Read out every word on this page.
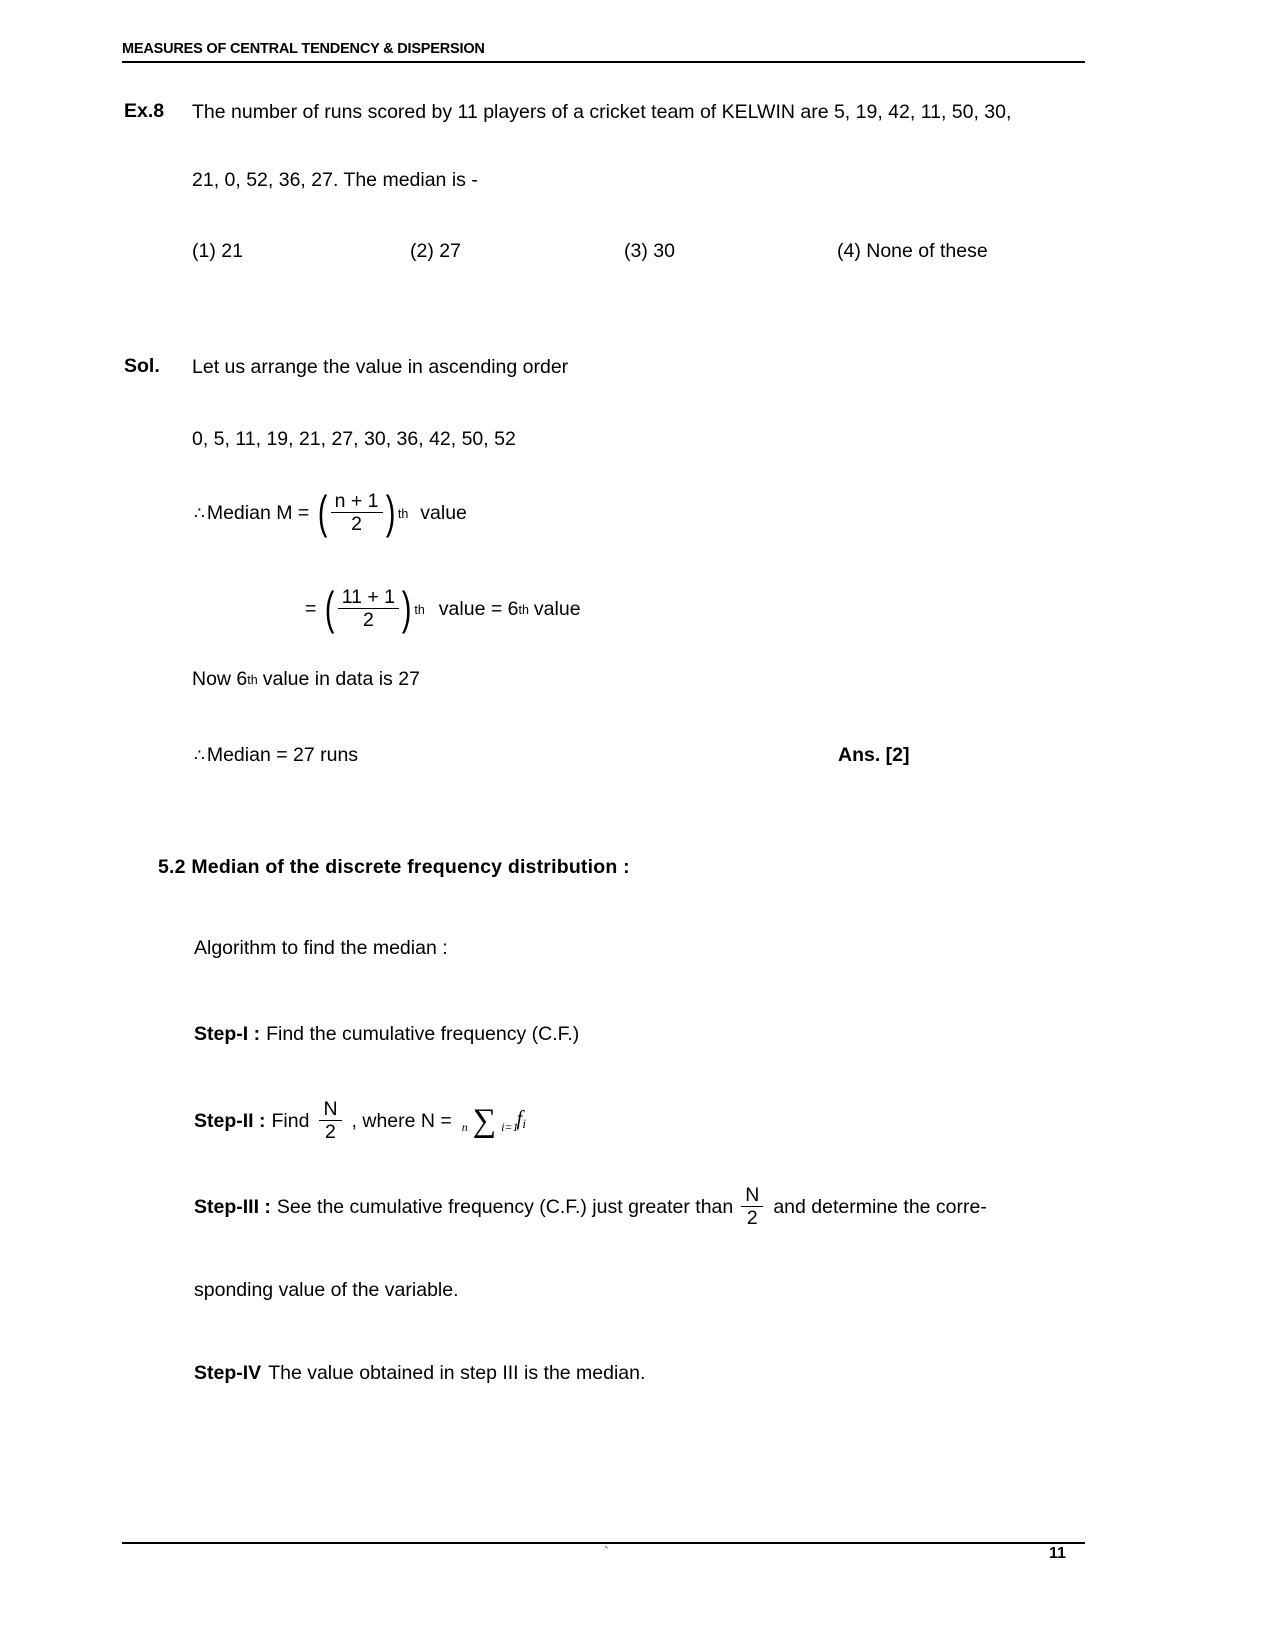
MEASURES OF CENTRAL TENDENCY & DISPERSION
Ex.8 The number of runs scored by 11 players of a cricket team of KELWIN are 5, 19, 42, 11, 50, 30,
21, 0, 52, 36, 27. The median is -
(1) 21	(2) 27	(3) 30	(4) None of these
Sol. Let us arrange the value in ascending order
0, 5, 11, 19, 21, 27, 30, 36, 42, 50, 52
∴ Median M = ( $\frac{n + 1}{2}$ ) th value
= ( $\frac{11 + 1}{2}$ ) th value = 6 th value
Now 6 th value in data is 27
∴ Median = 27 runs	Ans. [2]
5.2 Median of the discrete frequency distribution :
Algorithm to find the median :
Step-I : Find the cumulative frequency (C.F.)
Step-II : Find $\frac{N}{2}$ , where N = n ∑ i=1
fi
Step-III : See the cumulative frequency (C.F.) just greater than $\frac{N}{2}$ and determine the corre-
sponding value of the variable.
Step-IV The value obtained in step III is the median.
`	11
